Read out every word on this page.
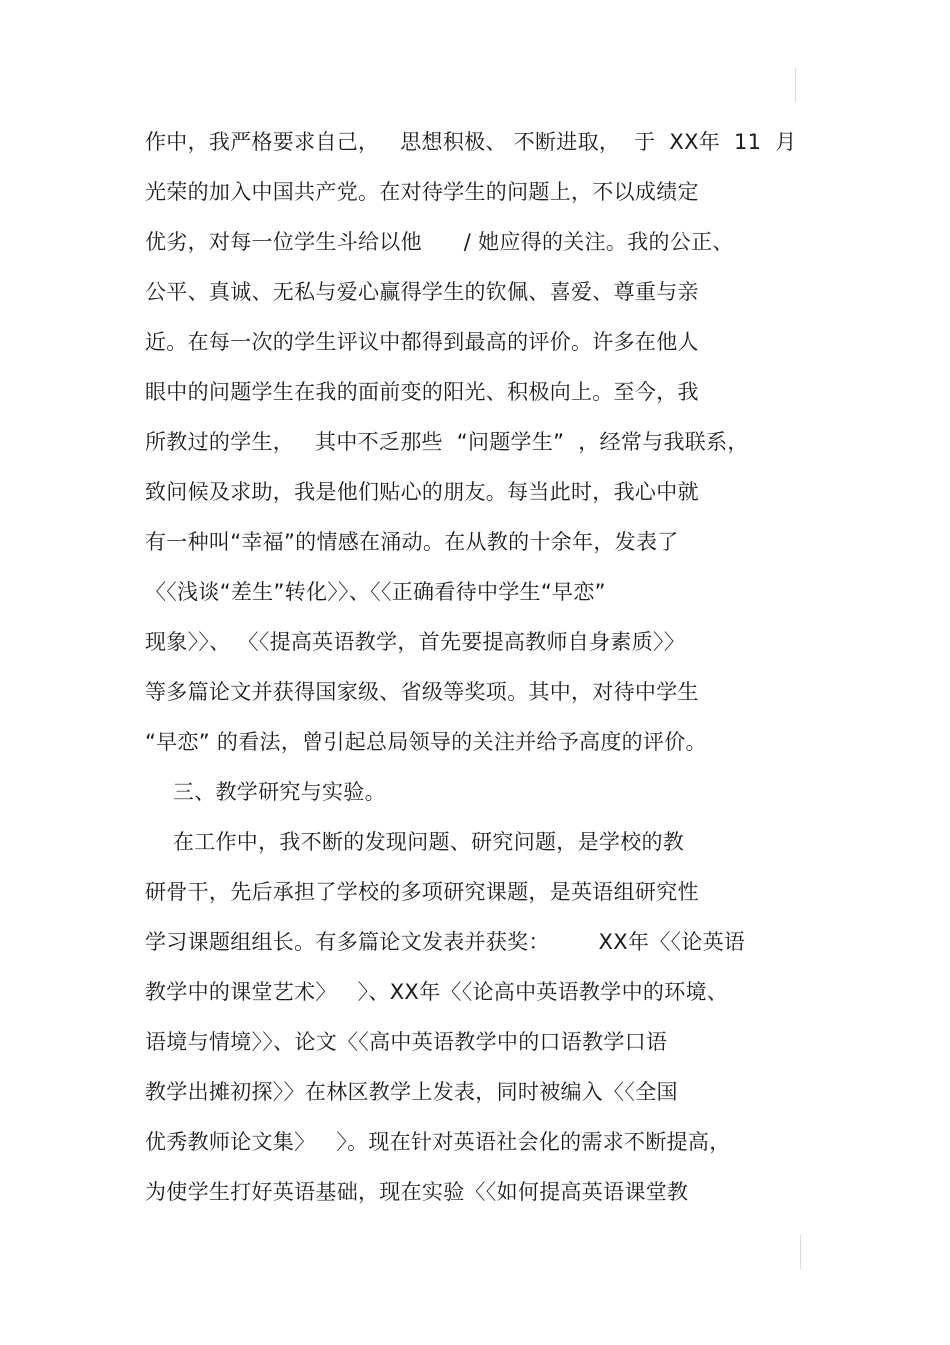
作中，我严格要求自己，   思想积极、 不断进取，  于  XX年  11  月
光荣的加入中国共产党。在对待学生的问题上，不以成绩定
优劣，对每一位学生斗给以他      / 她应得的关注。我的公正、
公平、真诚、无私与爱心赢得学生的钦佩、喜爱、尊重与亲
近。在每一次的学生评议中都得到最高的评价。许多在他人
眼中的问题学生在我的面前变的阳光、积极向上。至今，我
所教过的学生，   其中不乏那些  “问题学生”  ，经常与我联系，
致问候及求助，我是他们贴心的朋友。每当此时，我心中就
有一种叫“幸福”的情感在涌动。在从教的十余年，发表了
〈〈浅谈“差生”转化〉〉、〈〈正确看待中学生“早恋”
现象〉〉、 〈〈提高英语教学，首先要提高教师自身素质〉〉
等多篇论文并获得国家级、省级等奖项。其中，对待中学生
“早恋” 的看法，曾引起总局领导的关注并给予高度的评价。
三、教学研究与实验。
在工作中，我不断的发现问题、研究问题，是学校的教
研骨干，先后承担了学校的多项研究课题，是英语组研究性
学习课题组组长。有多篇论文发表并获奖：       XX年〈〈论英语
教学中的课堂艺术〉   〉、XX年〈〈论高中英语教学中的环境、
语境与情境〉〉、论文〈〈高中英语教学中的口语教学口语
教学出摊初探〉〉在林区教学上发表，同时被编入〈〈全国
优秀教师论文集〉   〉。现在针对英语社会化的需求不断提高，
为使学生打好英语基础，现在实验〈〈如何提高英语课堂教
